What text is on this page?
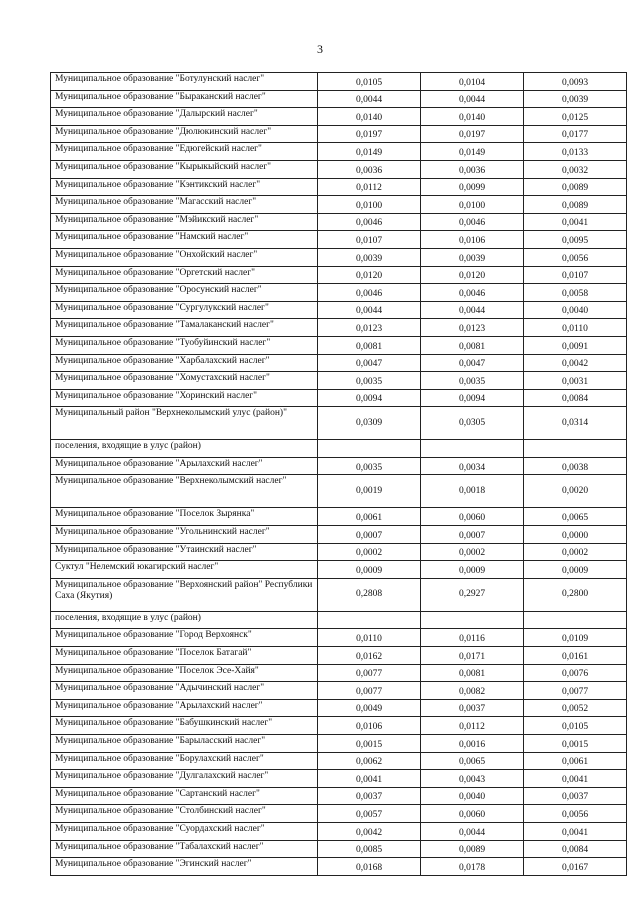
3
Муниципальное образование "Ботулунский наслег"	0,0105	0,0104	0,0093
Муниципальное образование "Быраканский наслег"	0,0044	0,0044	0,0039
Муниципальное образование "Далырский наслег"	0,0140	0,0140	0,0125
Муниципальное образование "Дюлюкинский наслег"	0,0197	0,0197	0,0177
Муниципальное образование "Едюгейский наслег"	0,0149	0,0149	0,0133
Муниципальное образование "Кырыкыйский наслег"	0,0036	0,0036	0,0032
Муниципальное образование "Кэнтикский наслег"	0,0112	0,0099	0,0089
Муниципальное образование "Магасский наслег"	0,0100	0,0100	0,0089
Муниципальное образование "Мэйикский наслег"	0,0046	0,0046	0,0041
Муниципальное образование "Намский наслег"	0,0107	0,0106	0,0095
Муниципальное образование "Онхойский наслег"	0,0039	0,0039	0,0056
Муниципальное образование "Оргетский наслег"	0,0120	0,0120	0,0107
Муниципальное образование "Оросунский наслег"	0,0046	0,0046	0,0058
Муниципальное образование "Сургулукский наслег"	0,0044	0,0044	0,0040
Муниципальное образование "Тамалаканский наслег"	0,0123	0,0123	0,0110
Муниципальное образование "Туобуйинский наслег"	0,0081	0,0081	0,0091
Муниципальное образование "Харбалахский наслег"	0,0047	0,0047	0,0042
Муниципальное образование "Хомустахский наслег"	0,0035	0,0035	0,0031
Муниципальное образование "Хоринский наслег"	0,0094	0,0094	0,0084
Муниципальный район "Верхнеколымский улус (район)"	0,0309	0,0305	0,0314
поселения, входящие в улус (район)			
Муниципальное образование "Арылахский наслег"	0,0035	0,0034	0,0038
Муниципальное образование "Верхнеколымский наслег"	0,0019	0,0018	0,0020
Муниципальное образование "Поселок Зырянка"	0,0061	0,0060	0,0065
Муниципальное образование "Угольнинский наслег"	0,0007	0,0007	0,0000
Муниципальное образование "Утаинский наслег"	0,0002	0,0002	0,0002
Суктул "Нелемский юкагирский наслег"	0,0009	0,0009	0,0009
Муниципальное образование "Верхоянский район" Республики Саха (Якутия)	0,2808	0,2927	0,2800
поселения, входящие в улус (район)			
Муниципальное образование "Город Верхоянск"	0,0110	0,0116	0,0109
Муниципальное образование "Поселок Батагай"	0,0162	0,0171	0,0161
Муниципальное образование "Поселок Эсе-Хайя"	0,0077	0,0081	0,0076
Муниципальное образование "Адычинский наслег"	0,0077	0,0082	0,0077
Муниципальное образование "Арылахский наслег"	0,0049	0,0037	0,0052
Муниципальное образование "Бабушкинский наслег"	0,0106	0,0112	0,0105
Муниципальное образование "Барыласский наслег"	0,0015	0,0016	0,0015
Муниципальное образование "Борулахский наслег"	0,0062	0,0065	0,0061
Муниципальное образование "Дулгалахский наслег"	0,0041	0,0043	0,0041
Муниципальное образование "Сартанский наслег"	0,0037	0,0040	0,0037
Муниципальное образование "Столбинский наслег"	0,0057	0,0060	0,0056
Муниципальное образование "Суордахский наслег"	0,0042	0,0044	0,0041
Муниципальное образование "Табалахский наслег"	0,0085	0,0089	0,0084
Муниципальное образование "Эгинский наслег"	0,0168	0,0178	0,0167
